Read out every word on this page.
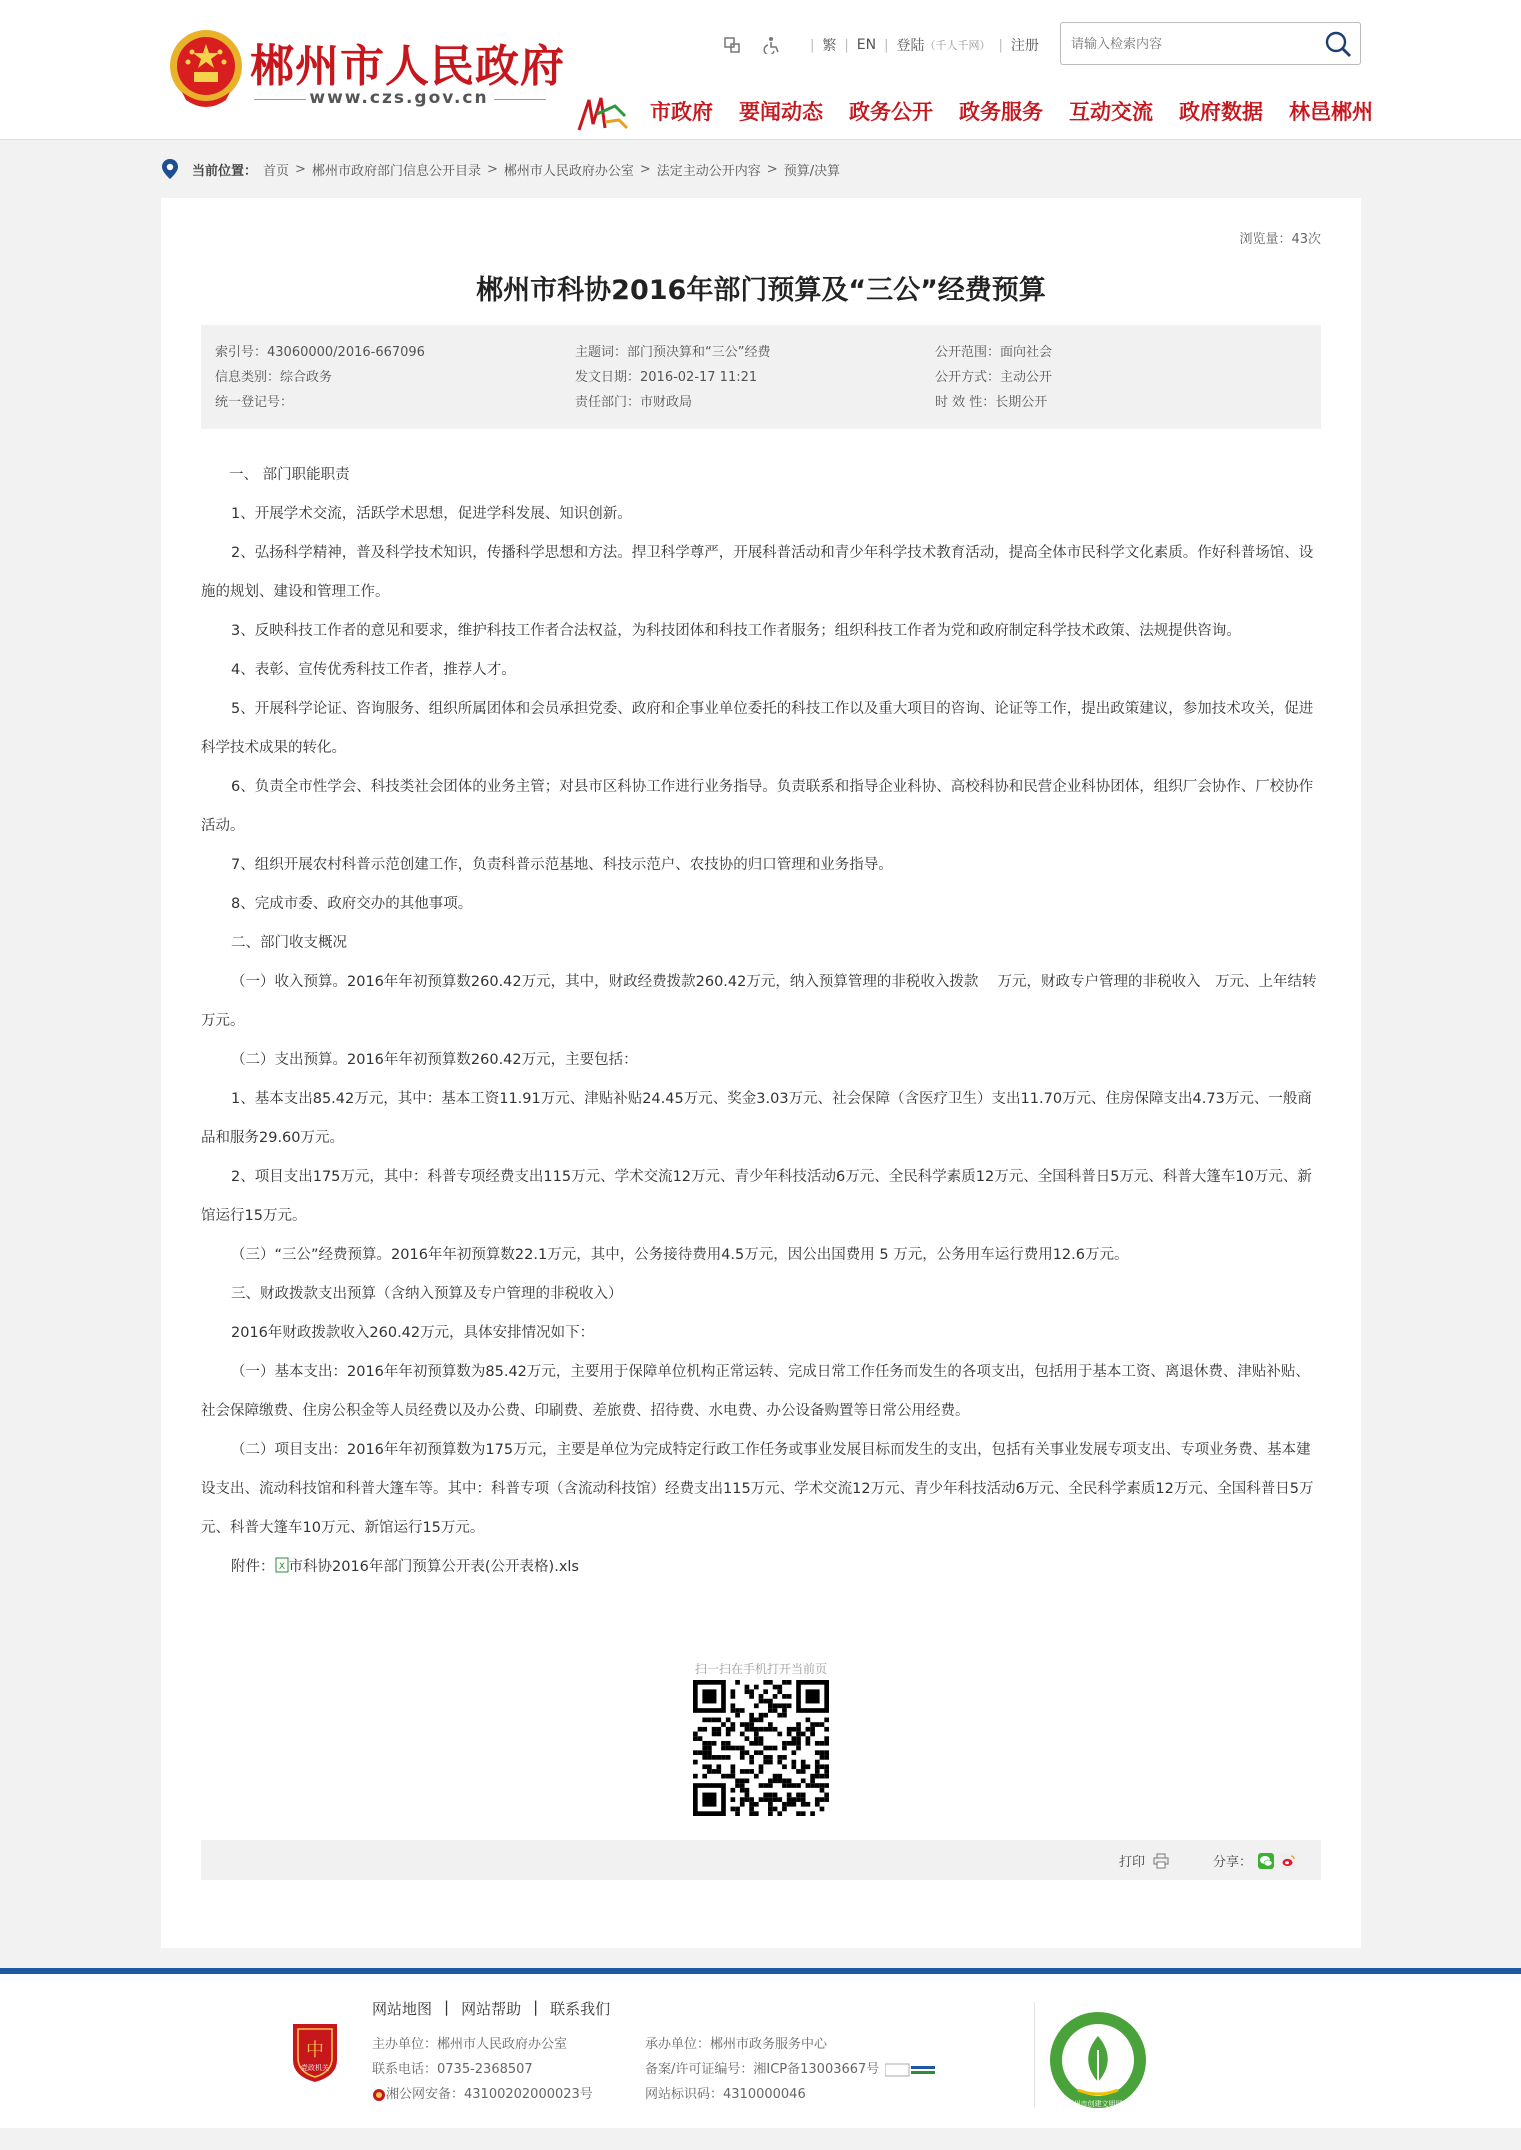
郴州市人民政府
www.czs.gov.cn
| 繁 | EN | 登陆 （千人千网） | 注册
请输入检索内容
市政府 要闻动态 政务公开 政务服务 互动交流 政府数据 林邑郴州
当前位置： 首页 > 郴州市政府部门信息公开目录 > 郴州市人民政府办公室 > 法定主动公开内容 > 预算/决算
浏览量：43次
郴州市科协2016年部门预算及“三公”经费预算
索引号：43060000/2016-667096	主题词：部门预决算和“三公”经费	公开范围：面向社会
信息类别：综合政务	发文日期：2016-02-17 11:21	公开方式：主动公开
统一登记号：	责任部门：市财政局	时 效 性：长期公开

一、 部门职能职责

1、开展学术交流，活跃学术思想，促进学科发展、知识创新。

2、弘扬科学精神，普及科学技术知识，传播科学思想和方法。捍卫科学尊严，开展科普活动和青少年科学技术教育活动，提高全体市民科学文化素质。作好科普场馆、设施的规划、建设和管理工作。

3、反映科技工作者的意见和要求，维护科技工作者合法权益，为科技团体和科技工作者服务；组织科技工作者为党和政府制定科学技术政策、法规提供咨询。

4、表彰、宣传优秀科技工作者，推荐人才。

5、开展科学论证、咨询服务、组织所属团体和会员承担党委、政府和企事业单位委托的科技工作以及重大项目的咨询、论证等工作，提出政策建议，参加技术攻关，促进科学技术成果的转化。

6、负责全市性学会、科技类社会团体的业务主管；对县市区科协工作进行业务指导。负责联系和指导企业科协、高校科协和民营企业科协团体，组织厂会协作、厂校协作活动。

7、组织开展农村科普示范创建工作，负责科普示范基地、科技示范户、农技协的归口管理和业务指导。

8、完成市委、政府交办的其他事项。

二、部门收支概况

（一）收入预算。2016年年初预算数260.42万元，其中，财政经费拨款260.42万元，纳入预算管理的非税收入拨款　 万元，财政专户管理的非税收入　万元、上年结转　万元。

（二）支出预算。2016年年初预算数260.42万元，主要包括：

1、基本支出85.42万元，其中：基本工资11.91万元、津贴补贴24.45万元、奖金3.03万元、社会保障（含医疗卫生）支出11.70万元、住房保障支出4.73万元、一般商品和服务29.60万元。

2、项目支出175万元，其中：科普专项经费支出115万元、学术交流12万元、青少年科技活动6万元、全民科学素质12万元、全国科普日5万元、科普大篷车10万元、新馆运行15万元。

（三）“三公”经费预算。2016年年初预算数22.1万元，其中，公务接待费用4.5万元，因公出国费用 5 万元，公务用车运行费用12.6万元。

三、财政拨款支出预算（含纳入预算及专户管理的非税收入）

2016年财政拨款收入260.42万元，具体安排情况如下：

（一）基本支出：2016年年初预算数为85.42万元，主要用于保障单位机构正常运转、完成日常工作任务而发生的各项支出，包括用于基本工资、离退休费、津贴补贴、社会保障缴费、住房公积金等人员经费以及办公费、印刷费、差旅费、招待费、水电费、办公设备购置等日常公用经费。

（二）项目支出：2016年年初预算数为175万元，主要是单位为完成特定行政工作任务或事业发展目标而发生的支出，包括有关事业发展专项支出、专项业务费、基本建设支出、流动科技馆和科普大篷车等。其中：科普专项（含流动科技馆）经费支出115万元、学术交流12万元、青少年科技活动6万元、全民科学素质12万元、全国科普日5万元、科普大篷车10万元、新馆运行15万元。

附件： X 市科协2016年部门预算公开表(公开表格).xls

扫一扫在手机打开当前页
打印	分享：
中
党政机关
网站地图 | 网站帮助 | 联系我们
主办单位：郴州市人民政府办公室
联系电话：0735-2368507
湘公网安备：43100202000023号
承办单位：郴州市政务服务中心
备案/许可证编号：湘ICP备13003667号
网站标识码：4310000046
郴州市创建文明网站
